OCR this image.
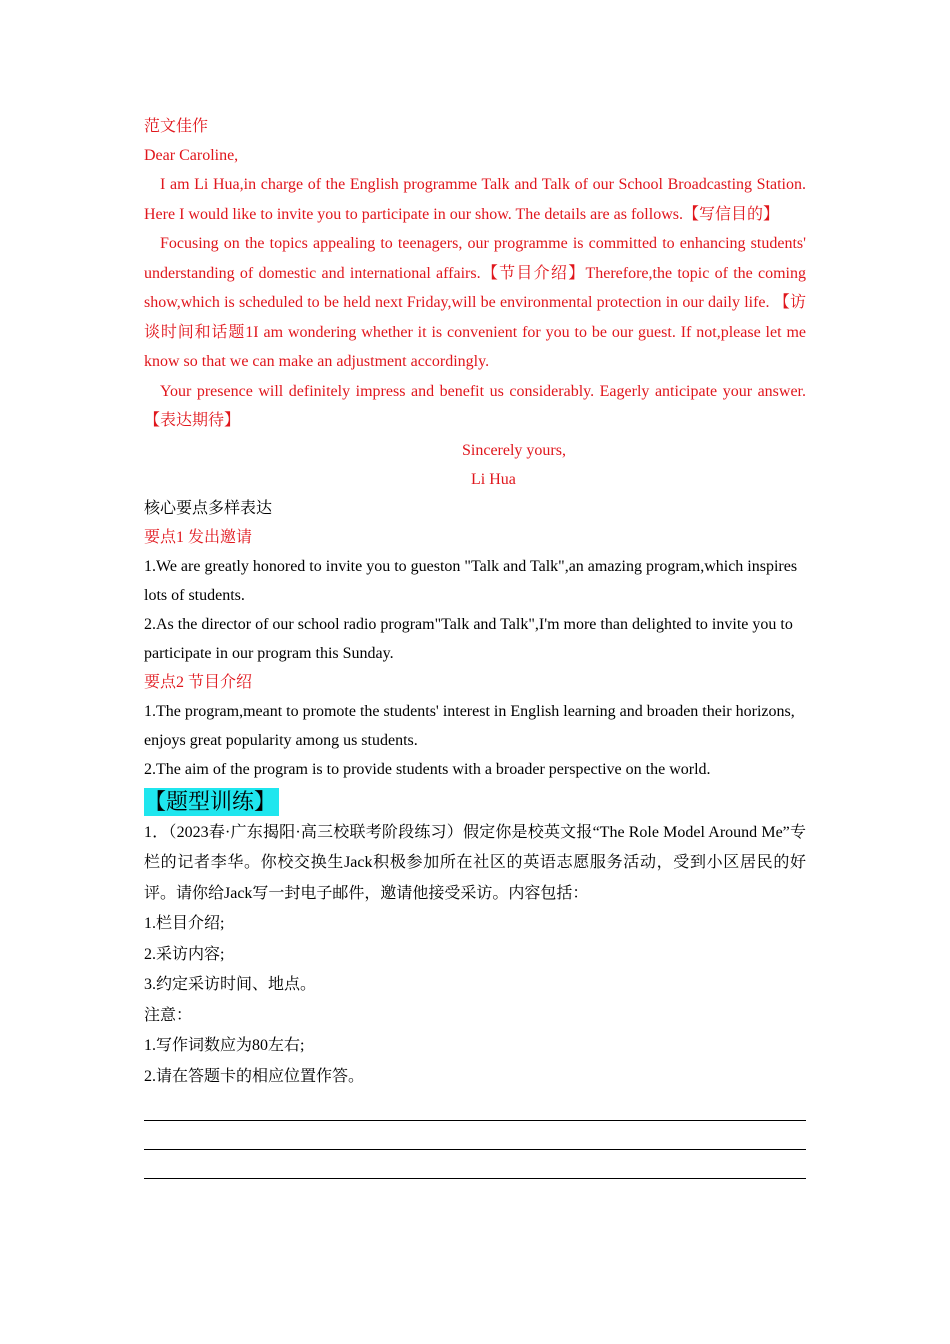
范文佳作
Dear Caroline,

I am Li Hua,in charge of the English programme Talk and Talk of our School Broadcasting Station. Here I would like to invite you to participate in our show. The details are as follows.【写信目的】

Focusing on the topics appealing to teenagers, our programme is committed to enhancing students' understanding of domestic and international affairs.【节目介绍】Therefore,the topic of the coming show,which is scheduled to be held next Friday,will be environmental protection in our daily life. 【访谈时间和话题1I am wondering whether it is convenient for you to be our guest. If not,please let me know so that we can make an adjustment accordingly.

Your presence will definitely impress and benefit us considerably. Eagerly anticipate your answer.【表达期待】

Sincerely yours,
Li Hua
核心要点多样表达
要点1 发出邀请

1.We are greatly honored to invite you to gueston "Talk and Talk",an amazing program,which inspires lots of students.

2.As the director of our school radio program"Talk and Talk",I'm more than delighted to invite you to participate in our program this Sunday.

要点2 节目介绍

1.The program,meant to promote the students' interest in English learning and broaden their horizons, enjoys great popularity among us students.

2.The aim of the program is to provide students with a broader perspective on the world.

【题型训练】

1．（2023春·广东揭阳·高三校联考阶段练习）假定你是校英文报“The Role Model Around Me”专栏的记者李华。你校交换生Jack积极参加所在社区的英语志愿服务活动，受到小区居民的好评。请你给Jack写一封电子邮件，邀请他接受采访。内容包括：

1.栏目介绍;
2.采访内容;
3.约定采访时间、地点。
注意：
1.写作词数应为80左右;
2.请在答题卡的相应位置作答。
